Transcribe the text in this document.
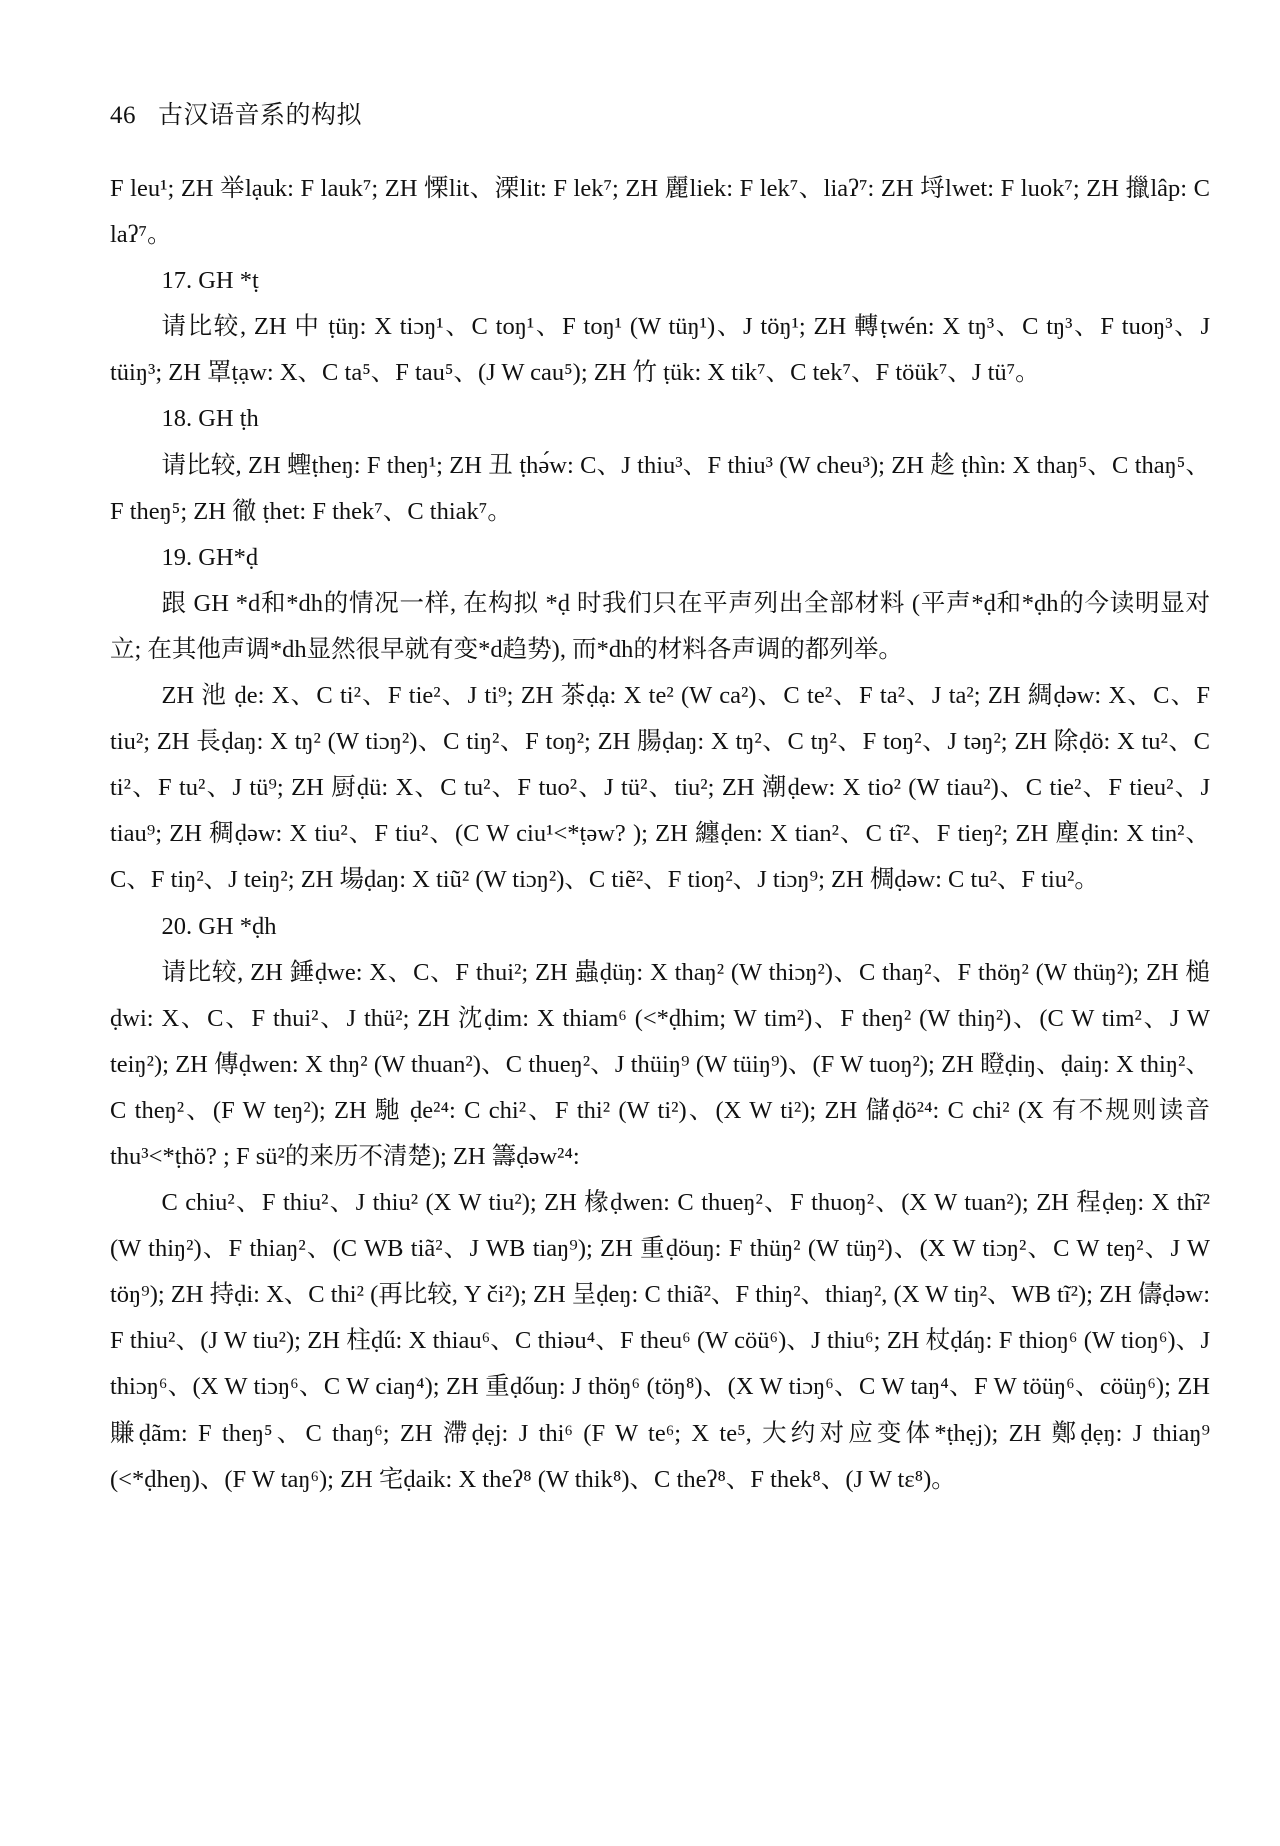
46 古汉语音系的构拟

F leu¹; ZH 举lạuk: F lauk⁷; ZH 慄lit、溧lit: F lek⁷; ZH 麗liek: F lek⁷、liaʔ⁷: ZH 埒lwet: F luok⁷; ZH 擸lâp: C laʔ⁷。

17. GH *ṭ

请比较, ZH 中 ṭüŋ: X tiɔŋ¹、C toŋ¹、F toŋ¹ (W tüŋ¹)、J töŋ¹; ZH 轉ṭwén: X tŋ³、C tŋ³、F tuoŋ³、J tüiŋ³; ZH 罩ṭạw: X、C ta⁵、F tau⁵、(J W cau⁵); ZH 竹 ṭük: X tik⁷、C tek⁷、F töük⁷、J tü⁷。

18. GH ṭh

请比较, ZH 蟶ṭheŋ: F theŋ¹; ZH 丑 ṭhə́w: C、J thiu³、F thiu³ (W cheu³); ZH 趁 ṭhìn: X thaŋ⁵、C thaŋ⁵、F theŋ⁵; ZH 徹 ṭhet: F thek⁷、C thiak⁷。

19. GH*ḍ

跟 GH *d和*dh的情况一样, 在构拟 *ḍ 时我们只在平声列出全部材料 (平声*ḍ和*ḍh的今读明显对立; 在其他声调*dh显然很早就有变*d趋势), 而*dh的材料各声调的都列举。

ZH 池 ḍe: X、C ti²、F tie²、J ti⁹; ZH 茶ḍạ: X te² (W ca²)、C te²、F ta²、J ta²; ZH 綢ḍəw: X、C、F tiu²; ZH 長ḍaŋ: X tŋ² (W tiɔŋ²)、C tiŋ²、F toŋ²; ZH 腸ḍaŋ: X tŋ²、C tŋ²、F toŋ²、J təŋ²; ZH 除ḍö: X tu²、C ti²、F tu²、J tü⁹; ZH 厨ḍü: X、C tu²、F tuo²、J tü²、tiu²; ZH 潮ḍew: X tio² (W tiau²)、C tie²、F tieu²、J tiau⁹; ZH 稠ḍəw: X tiu²、F tiu²、(C W ciu¹<*ṭəw? ); ZH 纏ḍen: X tian²、C tĩ²、F tieŋ²; ZH 塵ḍin: X tin²、C、F tiŋ²、J teiŋ²; ZH 場ḍaŋ: X tiũ² (W tiɔŋ²)、C tiẽ²、F tioŋ²、J tiɔŋ⁹; ZH 椆ḍəw: C tu²、F tiu²。

20. GH *ḍh

请比较, ZH 錘ḍwe: X、C、F thui²; ZH 蟲ḍüŋ: X thaŋ² (W thiɔŋ²)、C thaŋ²、F thöŋ² (W thüŋ²); ZH 槌ḍwi: X、C、F thui²、J thü²; ZH 沈ḍim: X thiam⁶ (<*ḍhim; W tim²)、F theŋ² (W thiŋ²)、(C W tim²、J W teiŋ²); ZH 傳ḍwen: X thŋ² (W thuan²)、C thueŋ²、J thüiŋ⁹ (W tüiŋ⁹)、(F W tuoŋ²); ZH 瞪ḍiŋ、ḍaiŋ: X thiŋ²、C theŋ²、(F W teŋ²); ZH 馳 ḍe²⁴: C chi²、F thi² (W ti²)、(X W ti²); ZH 儲ḍö²⁴: C chi² (X 有不规则读音thu³<*ṭhö? ; F sü²的来历不清楚); ZH 籌ḍəw²⁴:

C chiu²、F thiu²、J thiu² (X W tiu²); ZH 椽ḍwen: C thueŋ²、F thuoŋ²、(X W tuan²); ZH 程ḍeŋ: X thĩ² (W thiŋ²)、F thiaŋ²、(C WB tiã²、J WB tiaŋ⁹); ZH 重ḍöuŋ: F thüŋ² (W tüŋ²)、(X W tiɔŋ²、C W teŋ²、J W töŋ⁹); ZH 持ḍi: X、C thi² (再比较, Y či²); ZH 呈ḍeŋ: C thiã²、F thiŋ²、thiaŋ², (X W tiŋ²、WB tĩ²); ZH 儔ḍəw: F thiu²、(J W tiu²); ZH 柱ḍű: X thiau⁶、C thiəu⁴、F theu⁶ (W cöü⁶)、J thiu⁶; ZH 杖ḍáŋ: F thioŋ⁶ (W tioŋ⁶)、J thiɔŋ⁶、(X W tiɔŋ⁶、C W ciaŋ⁴); ZH 重ḍőuŋ: J thöŋ⁶ (töŋ⁸)、(X W tiɔŋ⁶、C W taŋ⁴、F W töüŋ⁶、cöüŋ⁶); ZH 賺ḍãm: F theŋ⁵、C thaŋ⁶; ZH 滯ḍẹj: J thi⁶ (F W te⁶; X te⁵, 大约对应变体*ṭhẹj); ZH 鄭ḍẹŋ: J thiaŋ⁹ (<*ḍheŋ)、(F W taŋ⁶); ZH 宅ḍaik: X theʔ⁸ (W thik⁸)、C theʔ⁸、F thek⁸、(J W tɛ⁸)。
